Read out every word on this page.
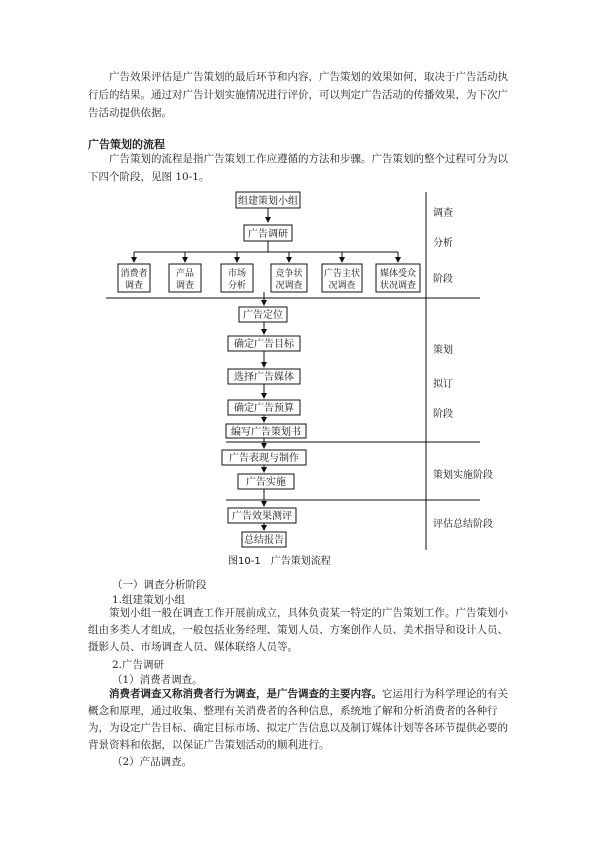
广告效果评估是广告策划的最后环节和内容，广告策划的效果如何，取决于广告活动执行后的结果。通过对广告计划实施情况进行评价，可以判定广告活动的传播效果，为下次广告活动提供依据。

广告策划的流程

广告策划的流程是指广告策划工作应遵循的方法和步骤。广告策划的整个过程可分为以下四个阶段，见图 10-1。

组建策划小组
广告调研
消费者
调查
产品
调查
市场
分析
竞争状
况调查
广告主状
况调查
媒体受众
状况调查
广告定位
确定广告目标
选择广告媒体
确定广告预算
编写广告策划书
广告表现与制作
广告实施
广告效果测评
总结报告
调查
分析
阶段
策划
拟订
阶段
策划实施阶段
评估总结阶段
图10-1　广告策划流程

（一）调查分析阶段

1.组建策划小组

策划小组一般在调查工作开展前成立，具体负责某一特定的广告策划工作。广告策划小组由多类人才组成，一般包括业务经理、策划人员、方案创作人员、美术指导和设计人员、摄影人员、市场调查人员、媒体联络人员等。

2.广告调研

（1）消费者调查。

消费者调查又称消费者行为调查，是广告调查的主要内容。它运用行为科学理论的有关概念和原理，通过收集、整理有关消费者的各种信息，系统地了解和分析消费者的各种行为，为设定广告目标、确定目标市场、拟定广告信息以及制订媒体计划等各环节提供必要的背景资料和依据，以保证广告策划活动的顺利进行。

（2）产品调查。
